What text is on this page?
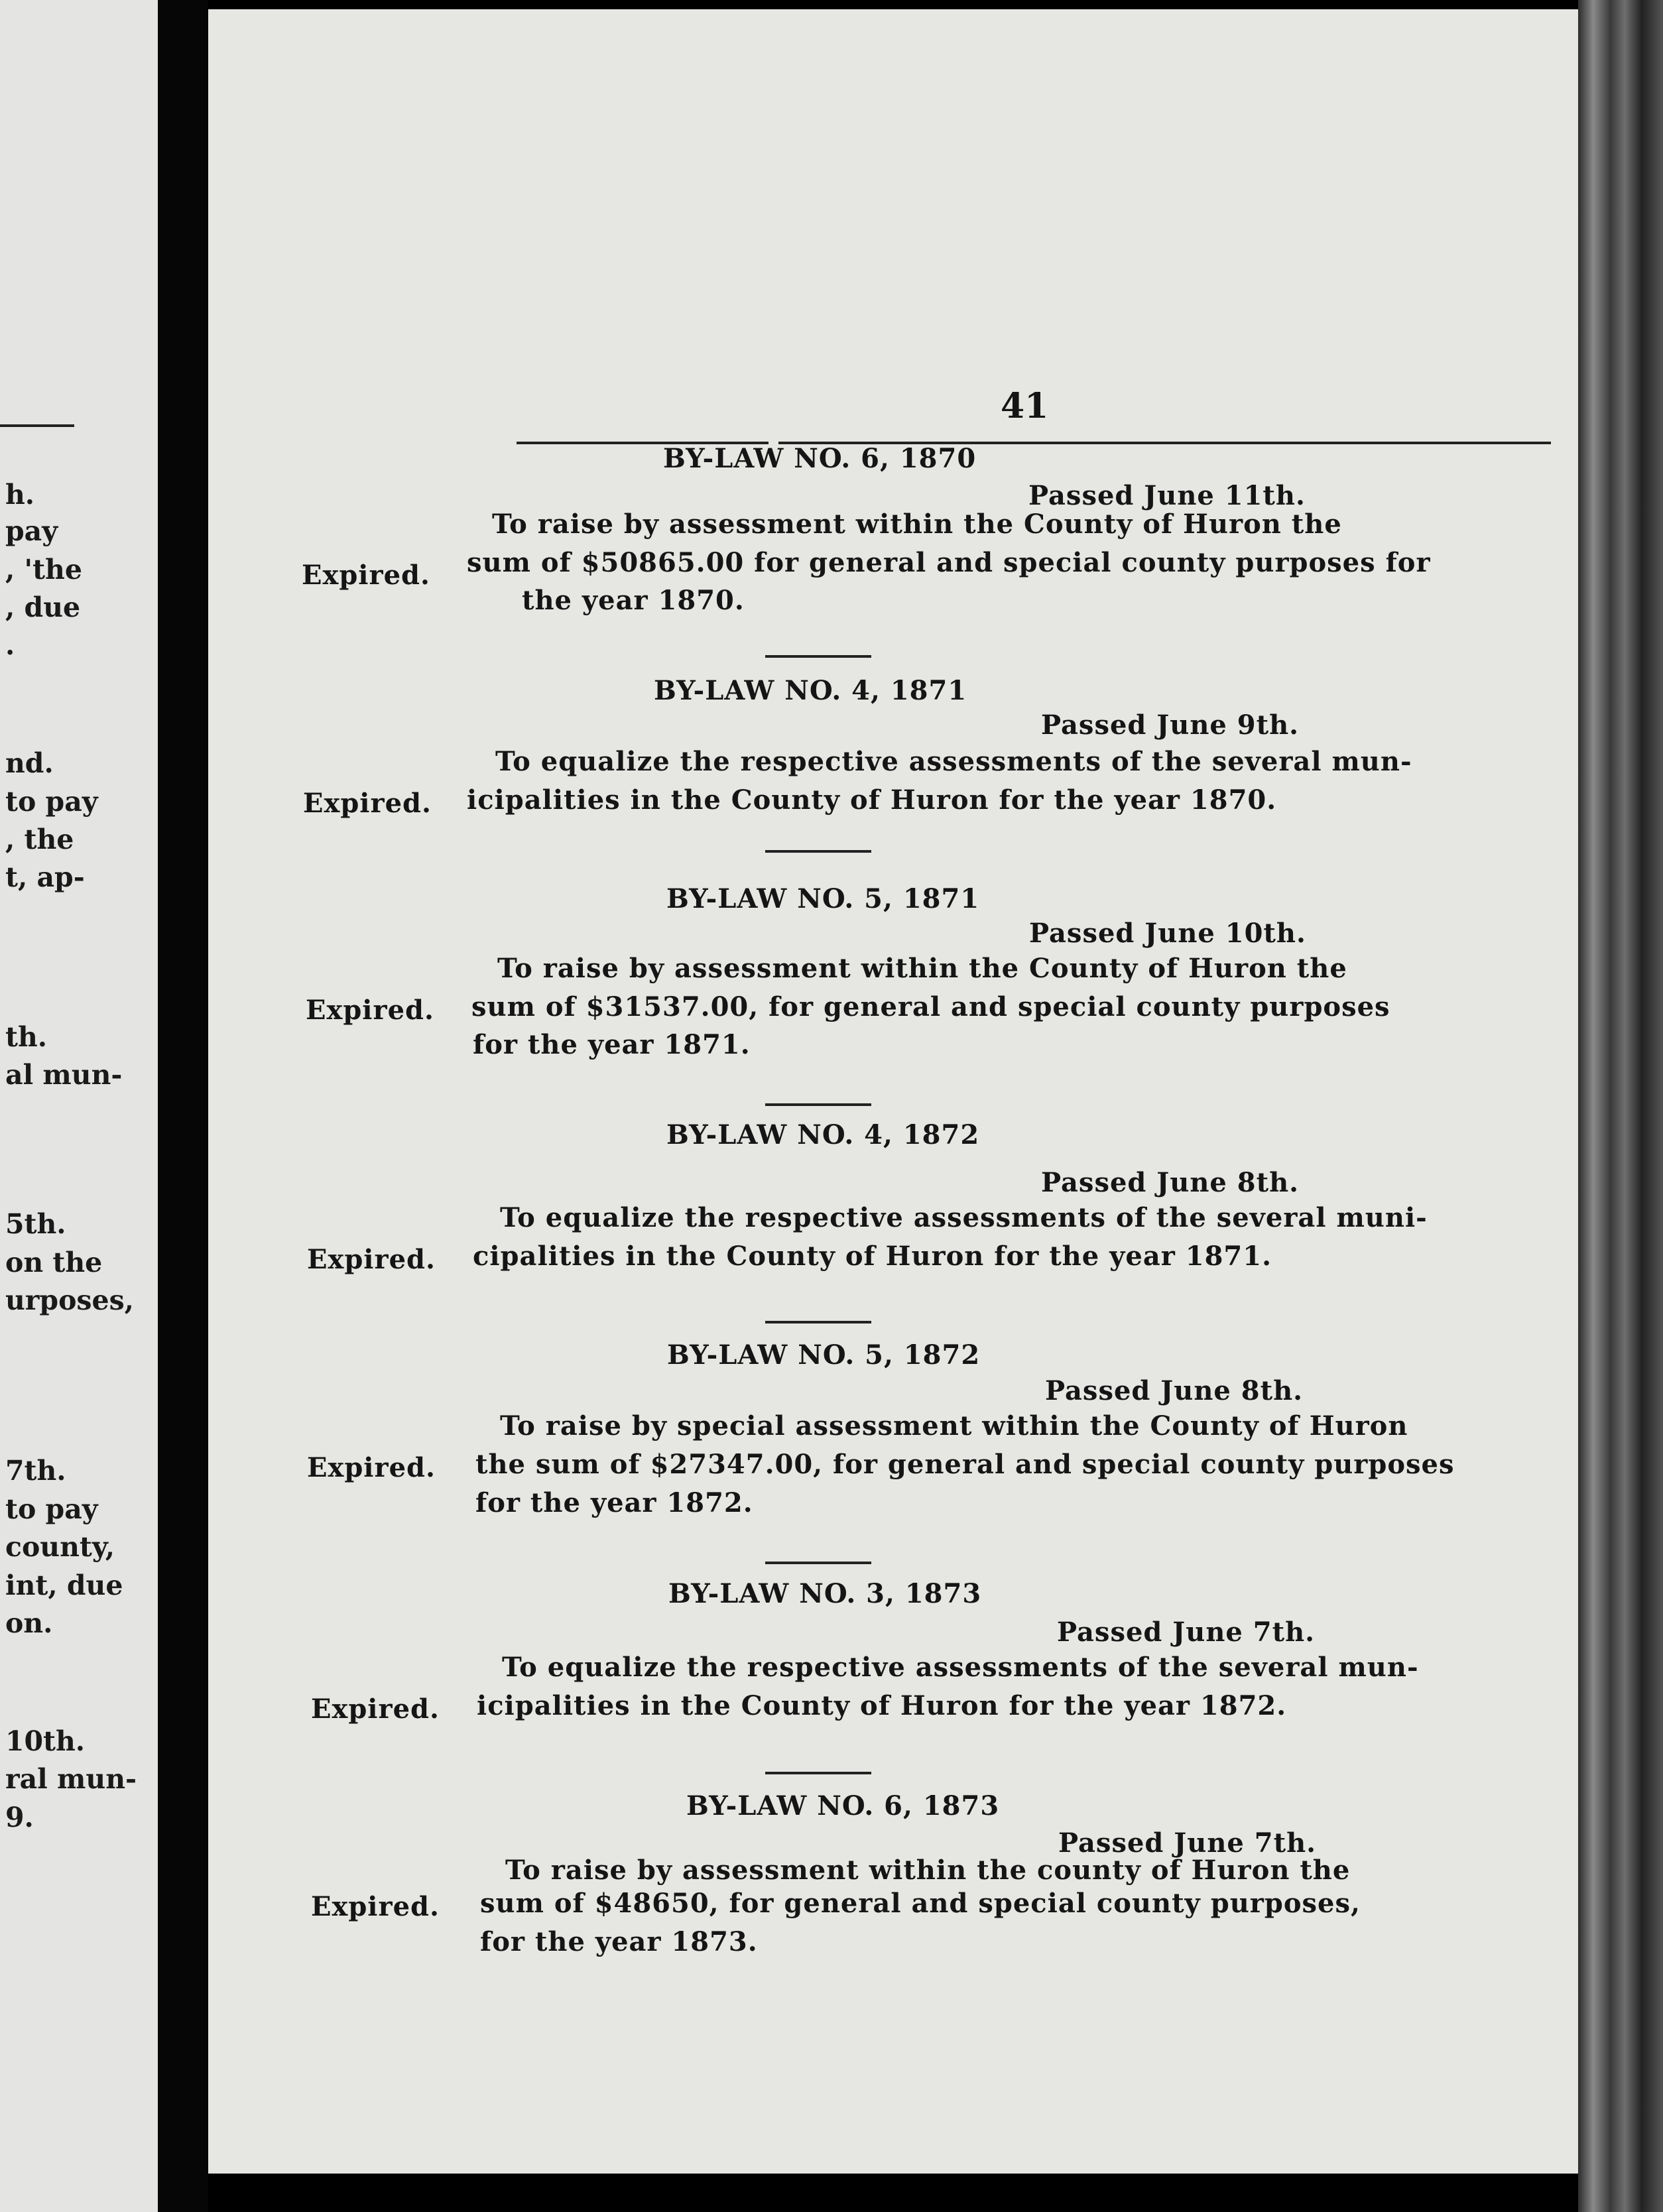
h.
pay
, 'the
, due
.
nd.
to pay
, the
t, ap-
th.
al mun-
5th.
on the
urposes,
7th.
to pay
county,
int, due
on.
10th.
ral mun-
9.
41
BY-LAW NO. 6, 1870
Passed June 11th.
Expired.
To raise by assessment within the County of Huron the
sum of $50865.00 for general and special county purposes for
the year 1870.
BY-LAW NO. 4, 1871
Passed June 9th.
Expired.
To equalize the respective assessments of the several mun-
icipalities in the County of Huron for the year 1870.
BY-LAW NO. 5, 1871
Passed June 10th.
Expired.
To raise by assessment within the County of Huron the
sum of $31537.00, for general and special county purposes
for the year 1871.
BY-LAW NO. 4, 1872
Passed June 8th.
Expired.
To equalize the respective assessments of the several muni-
cipalities in the County of Huron for the year 1871.
BY-LAW NO. 5, 1872
Passed June 8th.
Expired.
To raise by special assessment within the County of Huron
the sum of $27347.00, for general and special county purposes
for the year 1872.
BY-LAW NO. 3, 1873
Passed June 7th.
Expired.
To equalize the respective assessments of the several mun-
icipalities in the County of Huron for the year 1872.
BY-LAW NO. 6, 1873
Passed June 7th.
Expired.
To raise by assessment within the county of Huron the
sum of $48650, for general and special county purposes,
for the year 1873.
